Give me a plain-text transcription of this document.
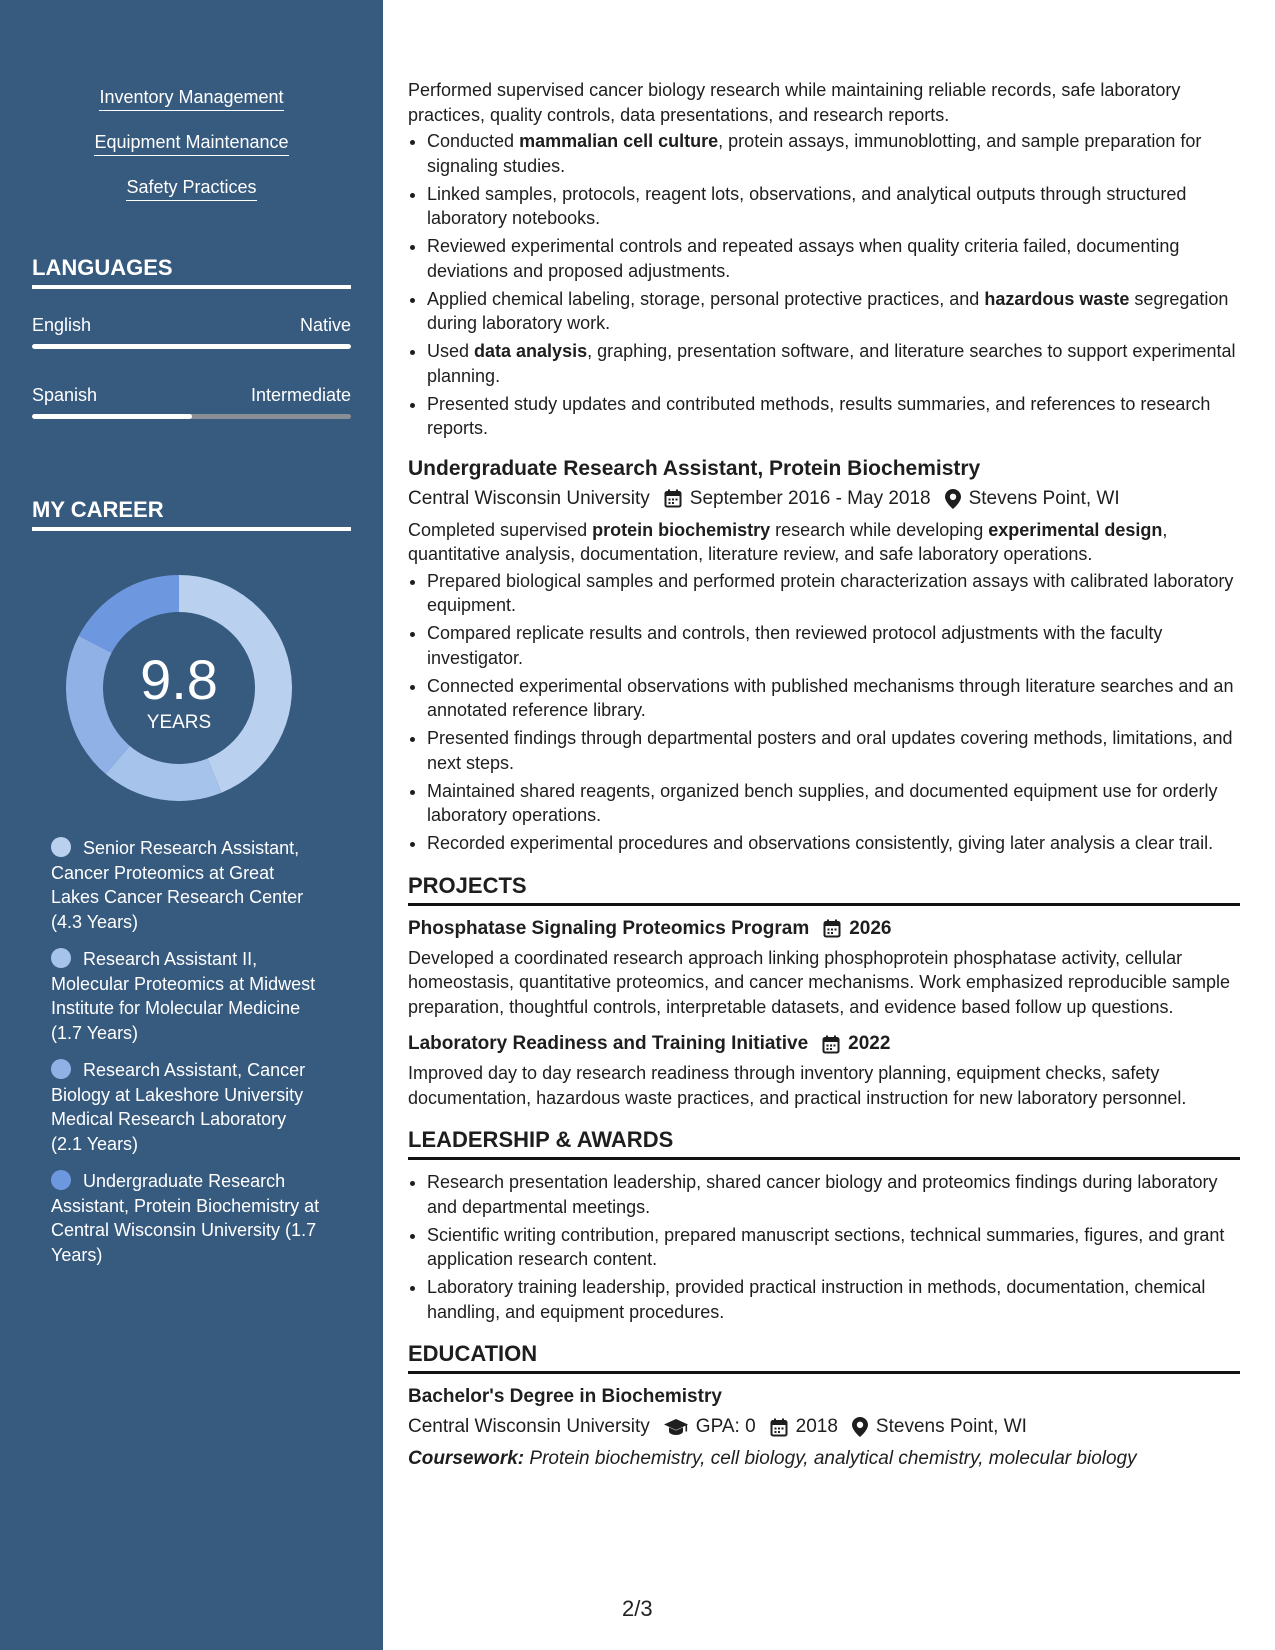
Inventory Management
Equipment Maintenance
Safety Practices
LANGUAGES
English	Native
Spanish	Intermediate
MY CAREER
9.8
YEARS
Senior Research Assistant, Cancer Proteomics at Great Lakes Cancer Research Center (4.3 Years)
Research Assistant II, Molecular Proteomics at Midwest Institute for Molecular Medicine (1.7 Years)
Research Assistant, Cancer Biology at Lakeshore University Medical Research Laboratory (2.1 Years)
Undergraduate Research Assistant, Protein Biochemistry at Central Wisconsin University (1.7 Years)

Performed supervised cancer biology research while maintaining reliable records, safe laboratory practices, quality controls, data presentations, and research reports.

• Conducted mammalian cell culture, protein assays, immunoblotting, and sample preparation for signaling studies.
• Linked samples, protocols, reagent lots, observations, and analytical outputs through structured laboratory notebooks.
• Reviewed experimental controls and repeated assays when quality criteria failed, documenting deviations and proposed adjustments.
• Applied chemical labeling, storage, personal protective practices, and hazardous waste segregation during laboratory work.
• Used data analysis, graphing, presentation software, and literature searches to support experimental planning.
• Presented study updates and contributed methods, results summaries, and references to research reports.
Undergraduate Research Assistant, Protein Biochemistry
Central Wisconsin University September 2016 - May 2018 Stevens Point, WI

Completed supervised protein biochemistry research while developing experimental design, quantitative analysis, documentation, literature review, and safe laboratory operations.

• Prepared biological samples and performed protein characterization assays with calibrated laboratory equipment.
• Compared replicate results and controls, then reviewed protocol adjustments with the faculty investigator.
• Connected experimental observations with published mechanisms through literature searches and an annotated reference library.
• Presented findings through departmental posters and oral updates covering methods, limitations, and next steps.
• Maintained shared reagents, organized bench supplies, and documented equipment use for orderly laboratory operations.
• Recorded experimental procedures and observations consistently, giving later analysis a clear trail.
PROJECTS
Phosphatase Signaling Proteomics Program 2026

Developed a coordinated research approach linking phosphoprotein phosphatase activity, cellular homeostasis, quantitative proteomics, and cancer mechanisms. Work emphasized reproducible sample preparation, thoughtful controls, interpretable datasets, and evidence based follow up questions.

Laboratory Readiness and Training Initiative 2022

Improved day to day research readiness through inventory planning, equipment checks, safety documentation, hazardous waste practices, and practical instruction for new laboratory personnel.

LEADERSHIP & AWARDS
• Research presentation leadership, shared cancer biology and proteomics findings during laboratory and departmental meetings.
• Scientific writing contribution, prepared manuscript sections, technical summaries, figures, and grant application research content.
• Laboratory training leadership, provided practical instruction in methods, documentation, chemical handling, and equipment procedures.
EDUCATION
Bachelor's Degree in Biochemistry
Central Wisconsin University GPA: 0 2018 Stevens Point, WI
Coursework: Protein biochemistry, cell biology, analytical chemistry, molecular biology
2/3
